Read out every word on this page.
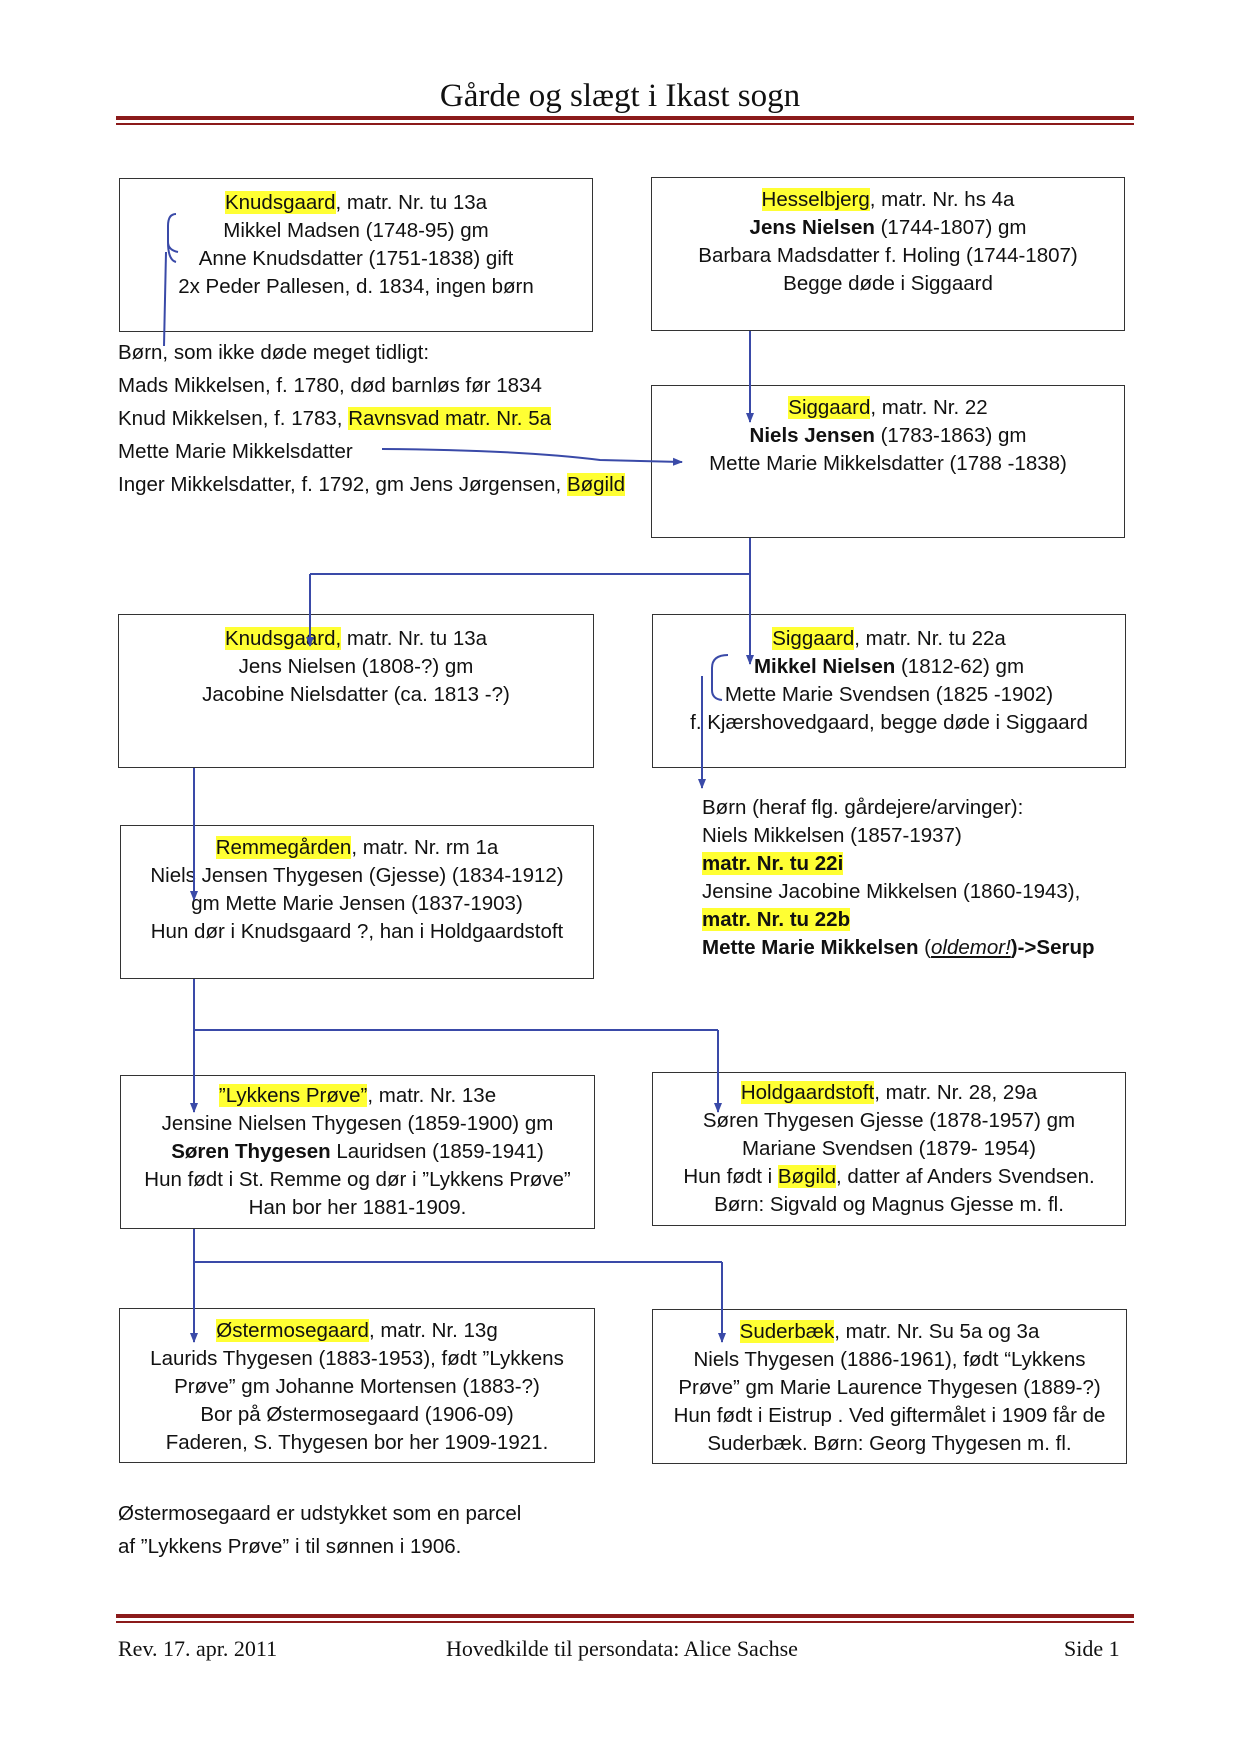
Gårde og slægt i Ikast sogn
Knudsgaard, matr. Nr. tu 13a
Mikkel Madsen (1748-95) gm
Anne Knudsdatter (1751-1838) gift
2x Peder Pallesen, d. 1834, ingen børn
Hesselbjerg, matr. Nr. hs 4a
Jens Nielsen (1744-1807) gm
Barbara Madsdatter f. Holing (1744-1807)
Begge døde i Siggaard
Siggaard, matr. Nr. 22
Niels Jensen (1783-1863) gm
Mette Marie Mikkelsdatter (1788 -1838)
Knudsgaard, matr. Nr. tu 13a
Jens Nielsen (1808-?) gm
Jacobine Nielsdatter (ca. 1813 -?)
Siggaard, matr. Nr. tu 22a
Mikkel Nielsen (1812-62) gm
Mette Marie Svendsen (1825 -1902)
f. Kjærshovedgaard, begge døde i Siggaard
Remmegården, matr. Nr. rm 1a
Niels Jensen Thygesen (Gjesse) (1834-1912)
gm Mette Marie Jensen (1837-1903)
Hun dør i Knudsgaard ?, han i Holdgaardstoft
”Lykkens Prøve”, matr. Nr. 13e
Jensine Nielsen Thygesen (1859-1900) gm
Søren Thygesen Lauridsen (1859-1941)
Hun født i St. Remme og dør i ”Lykkens Prøve”
Han bor her 1881-1909.
Holdgaardstoft, matr. Nr. 28, 29a
Søren Thygesen Gjesse (1878-1957) gm
Mariane Svendsen (1879- 1954)
Hun født i Bøgild, datter af Anders Svendsen.
Børn: Sigvald og Magnus Gjesse m. fl.
Østermosegaard, matr. Nr. 13g
Laurids Thygesen (1883-1953), født ”Lykkens
Prøve” gm Johanne Mortensen (1883-?)
Bor på Østermosegaard (1906-09)
Faderen, S. Thygesen bor her 1909-1921.
Suderbæk, matr. Nr. Su 5a og 3a
Niels Thygesen (1886-1961), født “Lykkens
Prøve” gm Marie Laurence Thygesen (1889-?)
Hun født i Eistrup . Ved giftermålet i 1909 får de
Suderbæk. Børn: Georg Thygesen m. fl.
Børn, som ikke døde meget tidligt:
Mads Mikkelsen, f. 1780, død barnløs før 1834
Knud Mikkelsen, f. 1783, Ravnsvad matr. Nr. 5a
Mette Marie Mikkelsdatter
Inger Mikkelsdatter, f. 1792, gm Jens Jørgensen, Bøgild
Børn (heraf flg. gårdejere/arvinger):
Niels Mikkelsen (1857-1937)
matr. Nr. tu 22i
Jensine Jacobine Mikkelsen (1860-1943),
matr. Nr. tu 22b
Mette Marie Mikkelsen (oldemor!)->Serup
Østermosegaard er udstykket som en parcel
af ”Lykkens Prøve” i til sønnen i 1906.
Rev. 17. apr. 2011	Hovedkilde til persondata: Alice Sachse	Side 1
